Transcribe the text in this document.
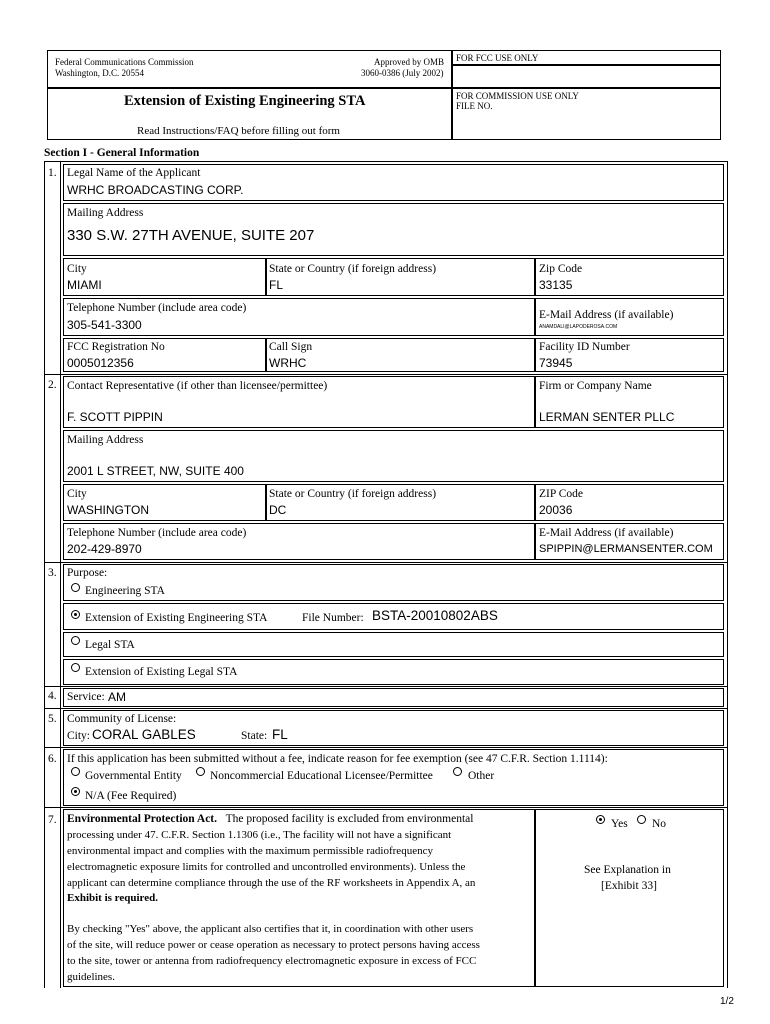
Federal Communications Commission
Washington, D.C. 20554
Approved by OMB
3060-0386 (July 2002)
FOR FCC USE ONLY
Extension of Existing Engineering STA
Read Instructions/FAQ before filling out form
FOR COMMISSION USE ONLY
FILE NO.
Section I - General Information
1. Legal Name of the Applicant
WRHC BROADCASTING CORP.
Mailing Address
330 S.W. 27TH AVENUE, SUITE 207
City
MIAMI
State or Country (if foreign address)
FL
Zip Code
33135
Telephone Number (include area code)
305-541-3300
E-Mail Address (if available)
ANAMDALI@LAPODEROSA.COM
FCC Registration No
0005012356
Call Sign
WRHC
Facility ID Number
73945
2. Contact Representative (if other than licensee/permittee)
F. SCOTT PIPPIN
Firm or Company Name
LERMAN SENTER PLLC
Mailing Address
2001 L STREET, NW, SUITE 400
City
WASHINGTON
State or Country (if foreign address)
DC
ZIP Code
20036
Telephone Number (include area code)
202-429-8970
E-Mail Address (if available)
SPIPPIN@LERMANSENTER.COM
3. Purpose:
Engineering STA
Extension of Existing Engineering STA	File Number: BSTA-20010802ABS
Legal STA
Extension of Existing Legal STA
4. Service: AM
5. Community of License:
City: CORAL GABLES	State: FL
6. If this application has been submitted without a fee, indicate reason for fee exemption (see 47 C.F.R. Section 1.1114):
Governmental Entity Noncommercial Educational Licensee/Permittee	Other
N/A (Fee Required)
7. Environmental Protection Act. The proposed facility is excluded from environmental
processing under 47. C.F.R. Section 1.1306 (i.e., The facility will not have a significant
environmental impact and complies with the maximum permissible radiofrequency
electromagnetic exposure limits for controlled and uncontrolled environments). Unless the
applicant can determine compliance through the use of the RF worksheets in Appendix A, an
Exhibit is required.
By checking "Yes" above, the applicant also certifies that it, in coordination with other users
of the site, will reduce power or cease operation as necessary to protect persons having access
to the site, tower or antenna from radiofrequency electromagnetic exposure in excess of FCC
guidelines.
Yes No
See Explanation in
[Exhibit 33]
1/2
